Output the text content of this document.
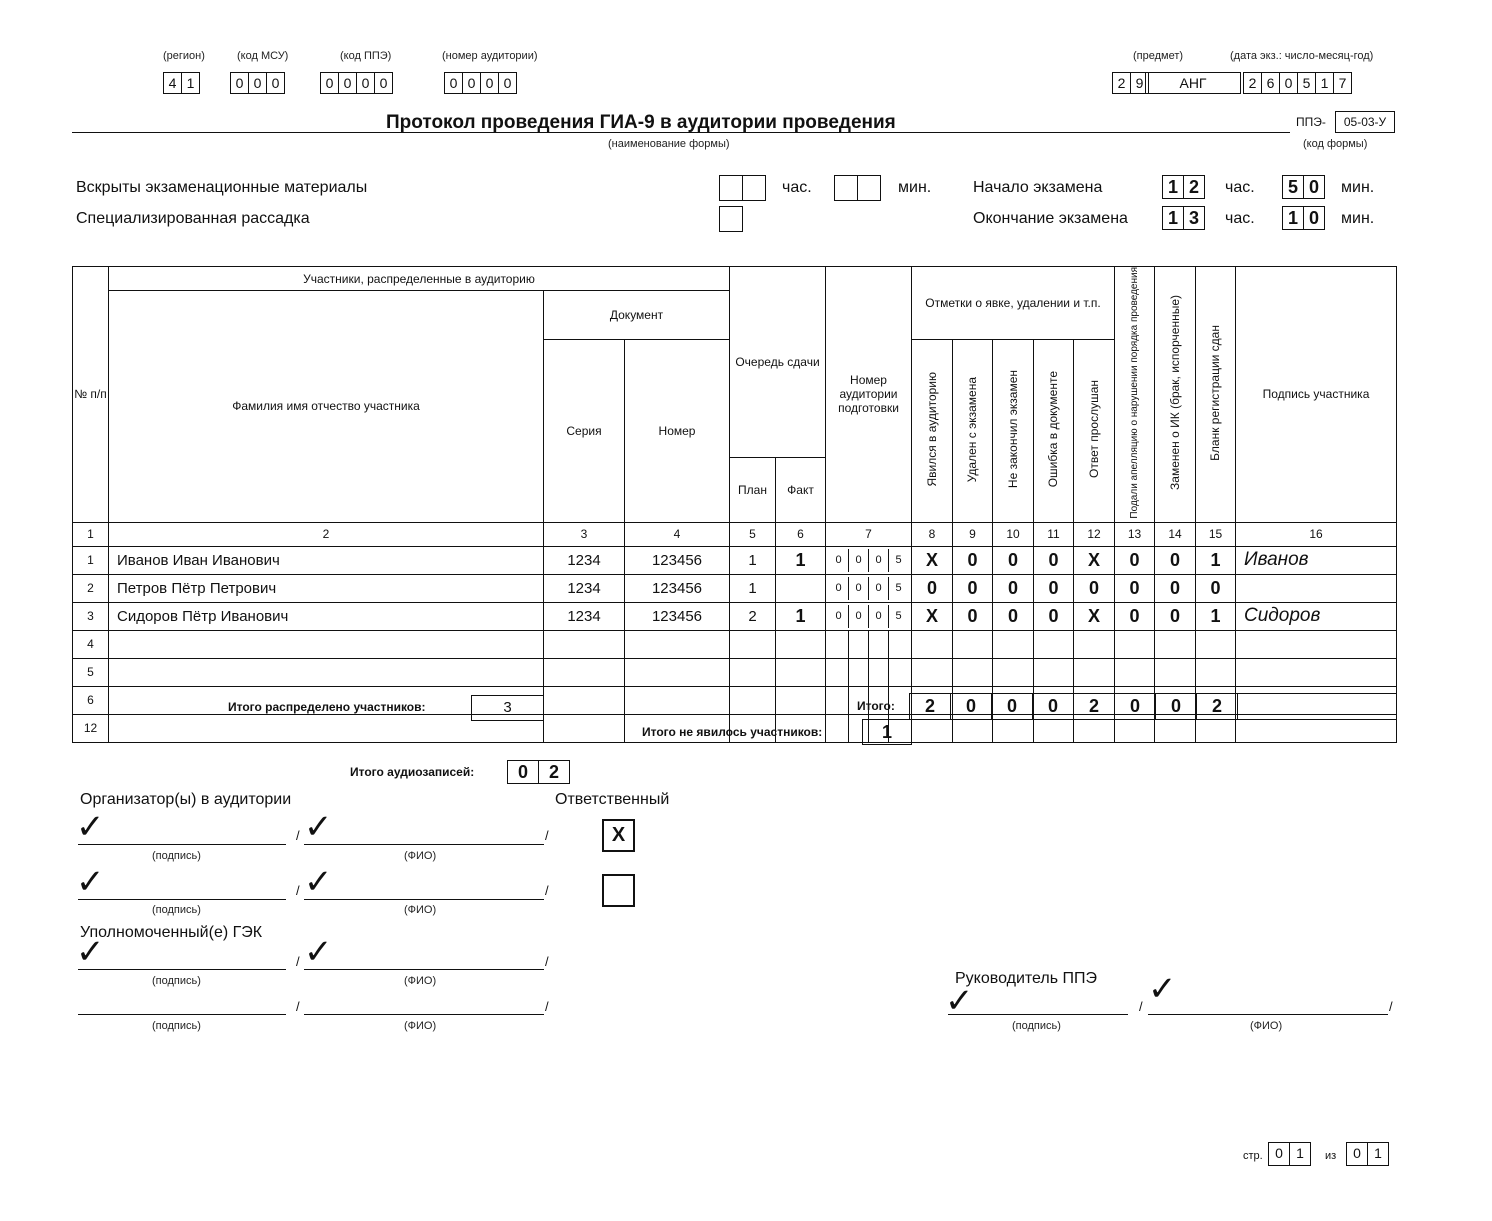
(регион)
4 1
(код МСУ)
0 0 0
(код ППЭ)
0 0 0 0
(номер аудитории)
0 0 0 0
(предмет)
2 9	АНГ
(дата экз.: число-месяц-год)
2 6 0 5 1 7
Протокол проведения ГИА-9 в аудитории проведения
(наименование формы)
ППЭ-	05-03-У
(код формы)
Вскрыты экзаменационные материалы
Специализированная рассадка
час.	мин.	Начало экзамена	1 2	час.	5 0	мин.
Окончание экзамена	1 3	час.	1 0	мин.
№ п/п	Участники, распределенные в аудиторию			Очередь сдачи		Номер аудитории подготовки	Отметки о явке, удалении и т.п.					Подали апелляцию о нарушении порядка проведения	Заменен о ИК (брак, испорченные)	Бланк регистрации сдан	Подпись участника
	Фамилия имя отчество участника	Документ													
		Серия	Номер				Явился в аудиторию	Удален с экзамена	Не закончил экзамен	Ошибка в документе	Ответ прослушан				
				План	Факт										
1	2	3	4	5	6	7	8	9	10	11	12	13	14	15	16
1	Иванов Иван Иванович	1234	123456	1	1	0 0 0 5	Х	0	0	0	Х	0	0	1	Иванов
2	Петров Пётр Петрович	1234	123456	1		0 0 0 5	0	0	0	0	0	0	0	0	
3	Сидоров Пётр Иванович	1234	123456	2	1	0 0 0 5	Х	0	0	0	Х	0	0	1	Сидоров
4						

5						

6						

12						

Итого распределено участников:	3	Итого:	2	0	0	0	2	0	0	2
Итого не явилось участников:	1
Итого аудиозаписей:	0	2
Организатор(ы) в аудитории	Ответственный
✓	/ ✓	/
(подпись)	(ФИО)
Х
✓	/ ✓	/
(подпись)	(ФИО)
Уполномоченный(е) ГЭК
✓	/ ✓	/
(подпись)	(ФИО)
/	/
(подпись)	(ФИО)
Руководитель ППЭ
✓	/ ✓	/
(подпись)	(ФИО)
стр. 0 1	из	0 1
